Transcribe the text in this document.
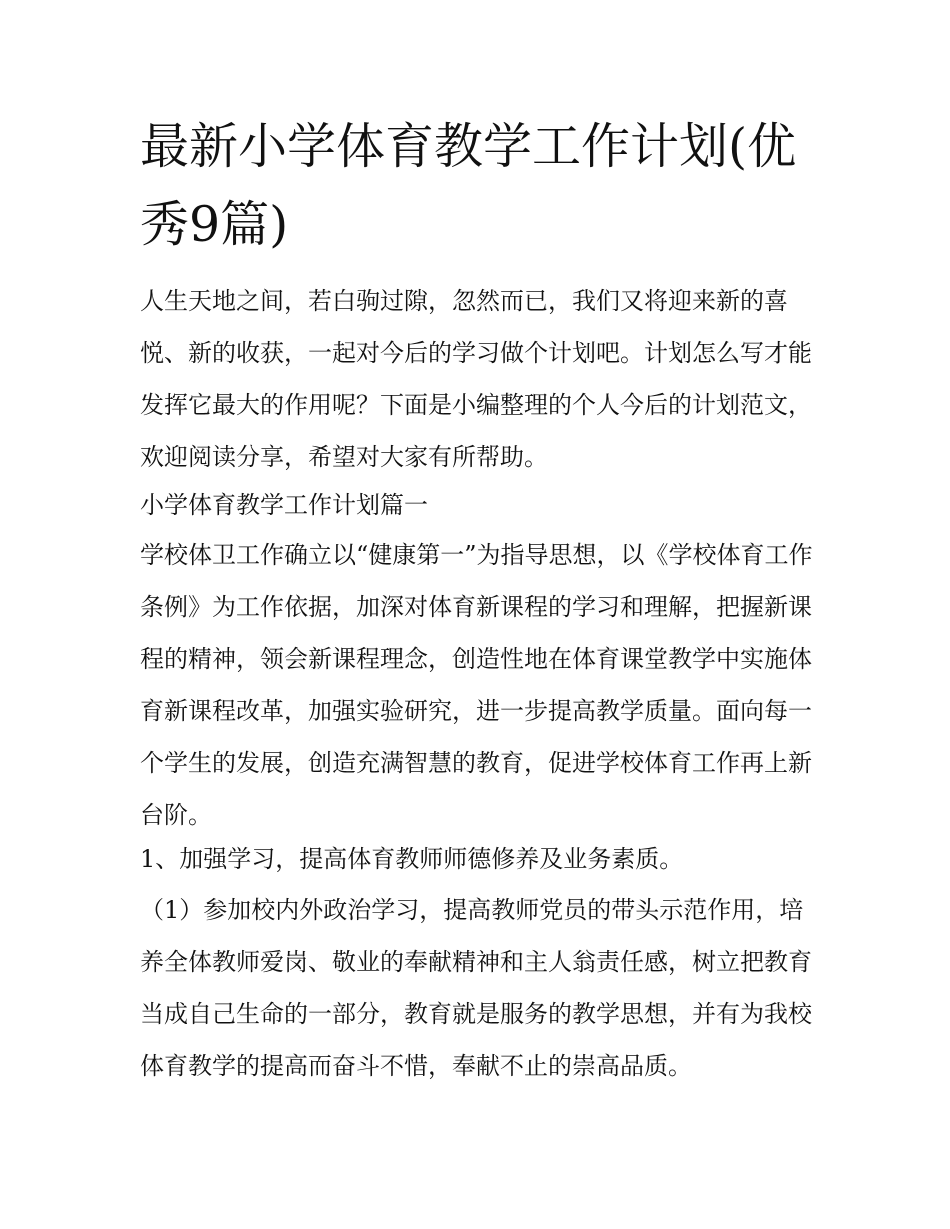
最新小学体育教学工作计划(优秀9篇)

人生天地之间，若白驹过隙，忽然而已，我们又将迎来新的喜悦、新的收获，一起对今后的学习做个计划吧。计划怎么写才能发挥它最大的作用呢？下面是小编整理的个人今后的计划范文，欢迎阅读分享，希望对大家有所帮助。

小学体育教学工作计划篇一

学校体卫工作确立以“健康第一”为指导思想，以《学校体育工作条例》为工作依据，加深对体育新课程的学习和理解，把握新课程的精神，领会新课程理念，创造性地在体育课堂教学中实施体育新课程改革，加强实验研究，进一步提高教学质量。面向每一个学生的发展，创造充满智慧的教育，促进学校体育工作再上新台阶。

1、加强学习，提高体育教师师德修养及业务素质。

（1）参加校内外政治学习，提高教师党员的带头示范作用，培养全体教师爱岗、敬业的奉献精神和主人翁责任感，树立把教育当成自己生命的一部分，教育就是服务的教学思想，并有为我校体育教学的提高而奋斗不惜，奉献不止的崇高品质。
